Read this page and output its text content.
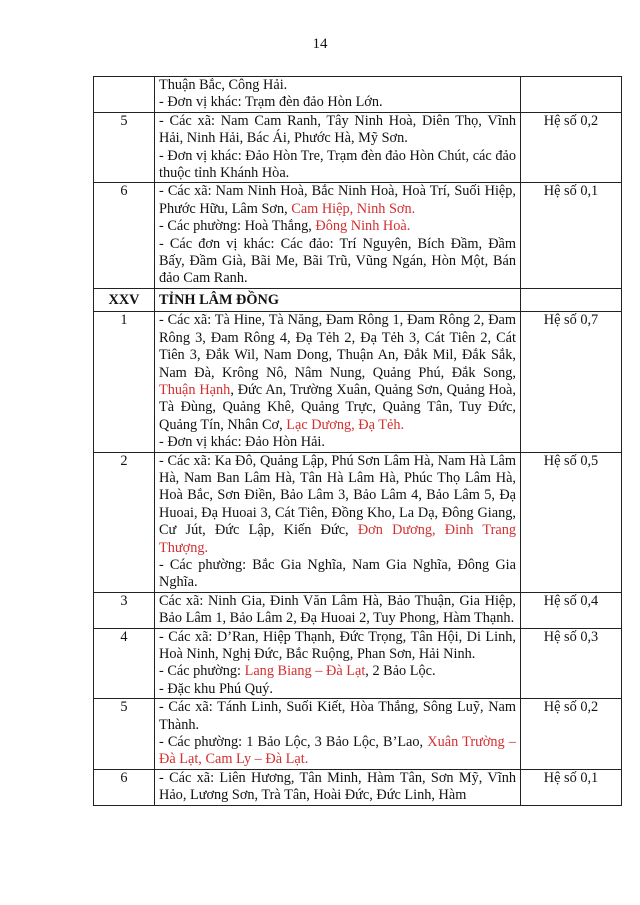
14

	Thuận Bắc, Công Hải.
- Đơn vị khác: Trạm đèn đảo Hòn Lớn.	

5	- Các xã: Nam Cam Ranh, Tây Ninh Hoà, Diên Thọ, Vĩnh Hải, Ninh Hải, Bác Ái, Phước Hà, Mỹ Sơn.
- Đơn vị khác: Đảo Hòn Tre, Trạm đèn đảo Hòn Chút, các đảo thuộc tỉnh Khánh Hòa.	Hệ số 0,2
6	- Các xã: Nam Ninh Hoà, Bắc Ninh Hoà, Hoà Trí, Suối Hiệp, Phước Hữu, Lâm Sơn, Cam Hiệp, Ninh Sơn.
- Các phường: Hoà Thắng, Đông Ninh Hoà.
- Các đơn vị khác: Các đảo: Trí Nguyên, Bích Đầm, Đầm Bấy, Đầm Già, Bãi Me, Bãi Trũ, Vũng Ngán, Hòn Một, Bán đảo Cam Ranh.	Hệ số 0,1
XXV	TỈNH LÂM ĐỒNG	

1	- Các xã: Tà Hine, Tà Năng, Đam Rông 1, Đam Rông 2, Đam Rông 3, Đam Rông 4, Đạ Tẻh 2, Đạ Tẻh 3, Cát Tiên 2, Cát Tiên 3, Đắk Wil, Nam Dong, Thuận An, Đắk Mil, Đắk Sắk, Nam Đà, Krông Nô, Nâm Nung, Quảng Phú, Đắk Song, Thuận Hạnh, Đức An, Trường Xuân, Quảng Sơn, Quảng Hoà, Tà Đùng, Quảng Khê, Quảng Trực, Quảng Tân, Tuy Đức, Quảng Tín, Nhân Cơ, Lạc Dương, Đạ Tẻh.
- Đơn vị khác: Đảo Hòn Hải.	Hệ số 0,7
2	- Các xã: Ka Đô, Quảng Lập, Phú Sơn Lâm Hà, Nam Hà Lâm Hà, Nam Ban Lâm Hà, Tân Hà Lâm Hà, Phúc Thọ Lâm Hà, Hoà Bắc, Sơn Điền, Bảo Lâm 3, Bảo Lâm 4, Bảo Lâm 5, Đạ Huoai, Đạ Huoai 3, Cát Tiên, Đồng Kho, La Dạ, Đông Giang, Cư Jút, Đức Lập, Kiến Đức, Đơn Dương, Đinh Trang Thượng.
- Các phường: Bắc Gia Nghĩa, Nam Gia Nghĩa, Đông Gia Nghĩa.	Hệ số 0,5
3	Các xã: Ninh Gia, Đinh Văn Lâm Hà, Bảo Thuận, Gia Hiệp, Bảo Lâm 1, Bảo Lâm 2, Đạ Huoai 2, Tuy Phong, Hàm Thạnh.	Hệ số 0,4
4	- Các xã: D’Ran, Hiệp Thạnh, Đức Trọng, Tân Hội, Di Linh, Hoà Ninh, Nghị Đức, Bắc Ruộng, Phan Sơn, Hải Ninh.
- Các phường: Lang Biang – Đà Lạt, 2 Bảo Lộc.
- Đặc khu Phú Quý.	Hệ số 0,3
5	- Các xã: Tánh Linh, Suối Kiết, Hòa Thắng, Sông Luỹ, Nam Thành.
- Các phường: 1 Bảo Lộc, 3 Bảo Lộc, B’Lao, Xuân Trường – Đà Lạt, Cam Ly – Đà Lạt.	Hệ số 0,2
6	- Các xã: Liên Hương, Tân Minh, Hàm Tân, Sơn Mỹ, Vĩnh Hảo, Lương Sơn, Trà Tân, Hoài Đức, Đức Linh, Hàm	Hệ số 0,1
